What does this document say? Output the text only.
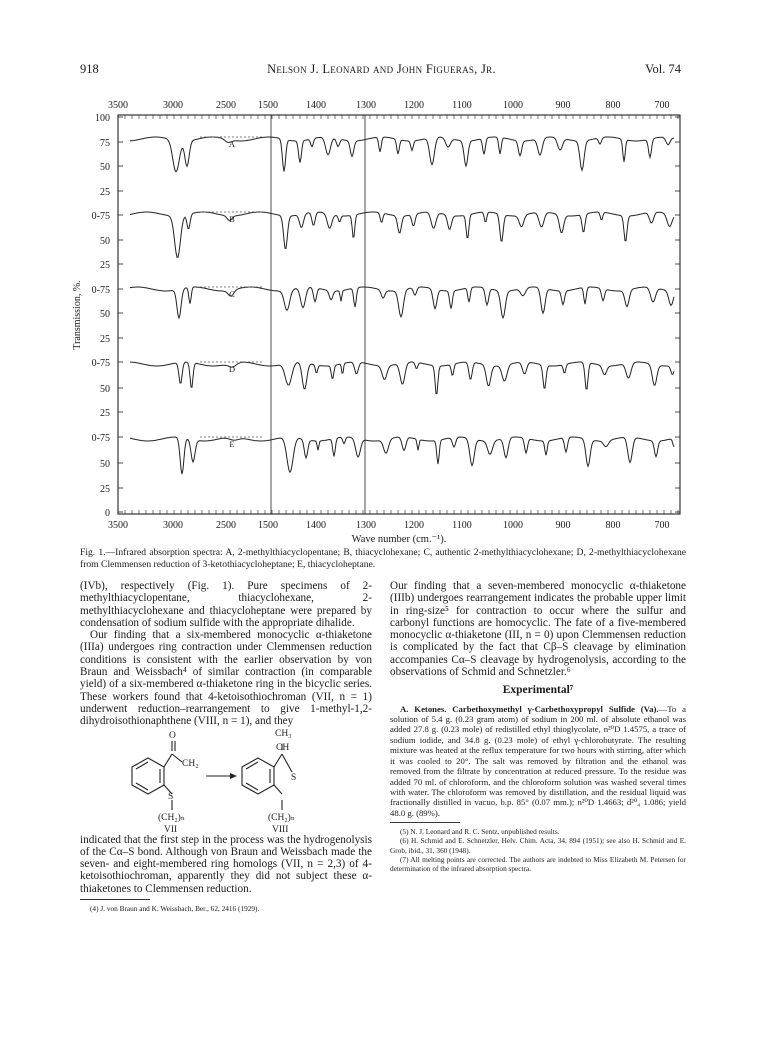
918	Nelson J. Leonard and John Figueras, Jr.	Vol. 74
3500
3500
3000
3000
2500
2500
1500
1500
1400
1400
1300
1300
1200
1200
1100
1100
1000
1000
900
900
800
800
700
700
100
75
50
25
0-75
50
25
0-75
50
25
0-75
50
25
0-75
50
25
0
Transmission, %.
Wave number (cm.⁻¹).
A
B
C
D
E
Fig. 1.—Infrared absorption spectra: A, 2-methylthiacyclopentane; B, thiacyclohexane; C, authentic 2-methylthiacyclohexane; D, 2-methylthiacyclohexane from Clemmensen reduction of 3-ketothiacycloheptane; E, thiacycloheptane.

(IVb), respectively (Fig. 1). Pure specimens of 2-methylthiacyclopentane, thiacyclohexane, 2-methylthiacyclohexane and thiacycloheptane were prepared by condensation of sodium sulfide with the appropriate dihalide.

Our finding that a six-membered monocyclic α-thiaketone (IIIa) undergoes ring contraction under Clemmensen reduction conditions is consistent with the earlier observation by von Braun and Weissbach⁴ of similar contraction (in comparable yield) of a six-membered α-thiaketone ring in the bicyclic series. These workers found that 4-ketoisothiochroman (VII, n = 1) underwent reduction–rearrangement to give 1-methyl-1,2-dihydroisothionaphthene (VIII, n = 1), and they

O
CH₂
S
(CH₂)ₙ
VII
CH₃
CH
S
(CH₂)ₙ
VIII

indicated that the first step in the process was the hydrogenolysis of the Cα–S bond. Although von Braun and Weissbach made the seven- and eight-membered ring homologs (VII, n = 2,3) of 4-ketoisothiochroman, apparently they did not subject these α-thiaketones to Clemmensen reduction.

(4) J. von Braun and K. Weissbach, Ber., 62, 2416 (1929).

Our finding that a seven-membered monocyclic α-thiaketone (IIIb) undergoes rearrangement indicates the probable upper limit in ring-size⁵ for contraction to occur where the sulfur and carbonyl functions are homocyclic. The fate of a five-membered monocyclic α-thiaketone (III, n = 0) upon Clemmensen reduction is complicated by the fact that Cβ–S cleavage by elimination accompanies Cα–S cleavage by hydrogenolysis, according to the observations of Schmid and Schnetzler.⁶

Experimental⁷

A. Ketones. Carbethoxymethyl γ-Carbethoxypropyl Sulfide (Va).—To a solution of 5.4 g. (0.23 gram atom) of sodium in 200 ml. of absolute ethanol was added 27.8 g. (0.23 mole) of redistilled ethyl thioglycolate, n²⁰D 1.4575, a trace of sodium iodide, and 34.8 g. (0.23 mole) of ethyl γ-chlorobutyrate. The resulting mixture was heated at the reflux temperature for two hours with stirring, after which it was cooled to 20°. The salt was removed by filtration and the ethanol was removed from the filtrate by concentration at reduced pressure. To the residue was added 70 ml. of chloroform, and the chloroform solution was washed several times with water. The chloroform was removed by distillation, and the residual liquid was fractionally distilled in vacuo, b.p. 85° (0.07 mm.); n²⁰D 1.4663; d²⁰₄ 1.086; yield 48.0 g. (89%).

(5) N. J. Leonard and R. C. Sentz, unpublished results.

(6) H. Schmid and E. Schnetzler, Helv. Chim. Acta, 34, 894 (1951); see also H. Schmid and E. Grob, ibid., 31, 360 (1948).

(7) All melting points are corrected. The authors are indebted to Miss Elizabeth M. Petersen for determination of the infrared absorption spectra.
